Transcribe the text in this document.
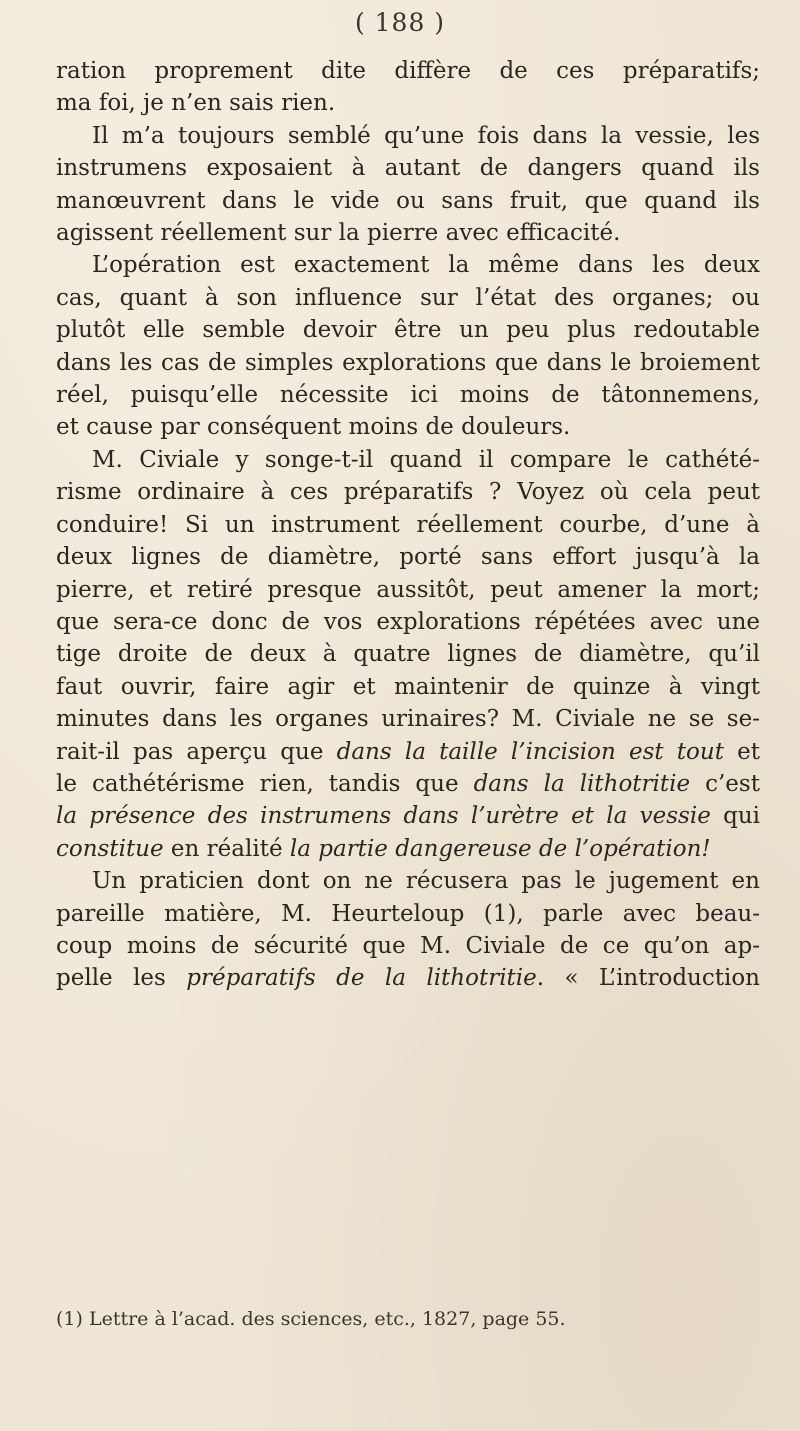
( 188 )
ration proprement dite diffère de ces préparatifs;
ma foi, je n’en sais rien.
Il m’a toujours semblé qu’une fois dans la vessie, les
instrumens exposaient à autant de dangers quand ils
manœuvrent dans le vide ou sans fruit, que quand ils
agissent réellement sur la pierre avec efficacité.
L’opération est exactement la même dans les deux
cas, quant à son influence sur l’état des organes; ou
plutôt elle semble devoir être un peu plus redoutable
dans les cas de simples explorations que dans le broiement
réel, puisqu’elle nécessite ici moins de tâtonnemens,
et cause par conséquent moins de douleurs.
M. Civiale y songe-t-il quand il compare le cathété-
risme ordinaire à ces préparatifs ? Voyez où cela peut
conduire! Si un instrument réellement courbe, d’une à
deux lignes de diamètre, porté sans effort jusqu’à la
pierre, et retiré presque aussitôt, peut amener la mort;
que sera-ce donc de vos explorations répétées avec une
tige droite de deux à quatre lignes de diamètre, qu’il
faut ouvrir, faire agir et maintenir de quinze à vingt
minutes dans les organes urinaires? M. Civiale ne se se-
rait-il pas aperçu que dans la taille l’incision est tout et
le cathétérisme rien, tandis que dans la lithotritie c’est
la présence des instrumens dans l’urètre et la vessie qui
constitue en réalité la partie dangereuse de l’opération!
Un praticien dont on ne récusera pas le jugement en
pareille matière, M. Heurteloup (1), parle avec beau-
coup moins de sécurité que M. Civiale de ce qu’on ap-
pelle les préparatifs de la lithotritie. « L’introduction
(1) Lettre à l’acad. des sciences, etc., 1827, page 55.
